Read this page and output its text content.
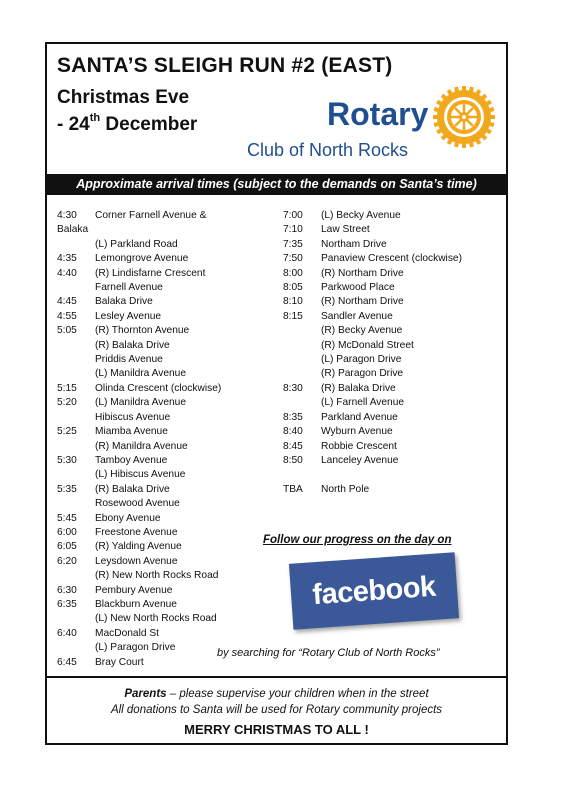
SANTA’S SLEIGH RUN #2 (EAST)
Christmas Eve
- 24th December	Rotary
Club of North Rocks
Approximate arrival times (subject to the demands on Santa’s time)
4:30	Corner Farnell Avenue &
Balaka
(L) Parkland Road
4:35	Lemongrove Avenue
4:40	(R) Lindisfarne Crescent
Farnell Avenue
4:45	Balaka Drive
4:55	Lesley Avenue
5:05	(R) Thornton Avenue
(R) Balaka Drive
Priddis Avenue
(L) Manildra Avenue
5:15	Olinda Crescent (clockwise)
5:20	(L) Manildra Avenue
Hibiscus Avenue
5:25	Miamba Avenue
(R) Manildra Avenue
5:30	Tamboy Avenue
(L) Hibiscus Avenue
5:35	(R) Balaka Drive
Rosewood Avenue
5:45	Ebony Avenue
6:00	Freestone Avenue
6:05	(R) Yalding Avenue
6:20	Leysdown Avenue
(R) New North Rocks Road
6:30	Pembury Avenue
6:35	Blackburn Avenue
(L) New North Rocks Road
6:40	MacDonald St
(L) Paragon Drive
6:45	Bray Court
7:00	(L) Becky Avenue
7:10	Law Street
7:35	Northam Drive
7:50	Panaview Crescent (clockwise)
8:00	(R) Northam Drive
8:05	Parkwood Place
8:10	(R) Northam Drive
8:15	Sandler Avenue
(R) Becky Avenue
(R) McDonald Street
(L) Paragon Drive
(R) Paragon Drive
8:30	(R) Balaka Drive
(L) Farnell Avenue
8:35	Parkland Avenue
8:40	Wyburn Avenue
8:45	Robbie Crescent
8:50	Lanceley Avenue

TBA	North Pole
Follow our progress on the day on
facebook
by searching for “Rotary Club of North Rocks”
Parents – please supervise your children when in the street
All donations to Santa will be used for Rotary community projects
MERRY CHRISTMAS TO ALL !
